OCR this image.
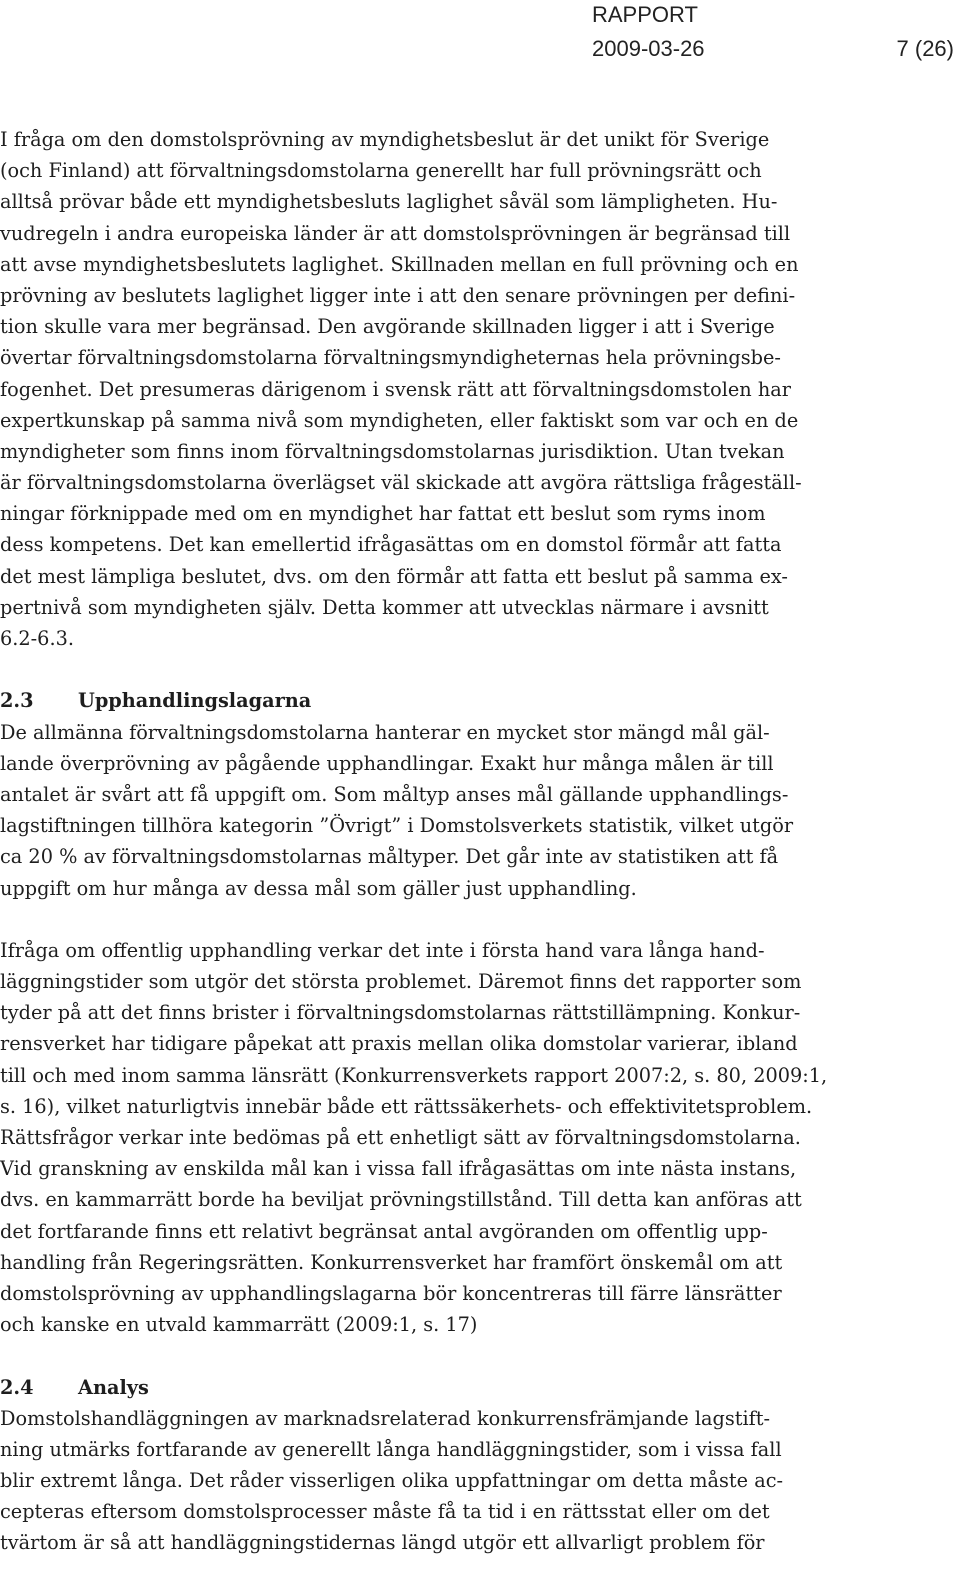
RAPPORT
2009-03-26	7 (26)
I fråga om den domstolsprövning av myndighetsbeslut är det unikt för Sverige
(och Finland) att förvaltningsdomstolarna generellt har full prövningsrätt och
alltså prövar både ett myndighetsbesluts laglighet såväl som lämpligheten. Hu-
vudregeln i andra europeiska länder är att domstolsprövningen är begränsad till
att avse myndighetsbeslutets laglighet. Skillnaden mellan en full prövning och en
prövning av beslutets laglighet ligger inte i att den senare prövningen per defini-
tion skulle vara mer begränsad. Den avgörande skillnaden ligger i att i Sverige
övertar förvaltningsdomstolarna förvaltningsmyndigheternas hela prövningsbe-
fogenhet. Det presumeras därigenom i svensk rätt att förvaltningsdomstolen har
expertkunskap på samma nivå som myndigheten, eller faktiskt som var och en de
myndigheter som finns inom förvaltningsdomstolarnas jurisdiktion. Utan tvekan
är förvaltningsdomstolarna överlägset väl skickade att avgöra rättsliga frågeställ-
ningar förknippade med om en myndighet har fattat ett beslut som ryms inom
dess kompetens. Det kan emellertid ifrågasättas om en domstol förmår att fatta
det mest lämpliga beslutet, dvs. om den förmår att fatta ett beslut på samma ex-
pertnivå som myndigheten själv. Detta kommer att utvecklas närmare i avsnitt
6.2-6.3.
2.3 Upphandlingslagarna
De allmänna förvaltningsdomstolarna hanterar en mycket stor mängd mål gäl-
lande överprövning av pågående upphandlingar. Exakt hur många målen är till
antalet är svårt att få uppgift om. Som måltyp anses mål gällande upphandlings-
lagstiftningen tillhöra kategorin ”Övrigt” i Domstolsverkets statistik, vilket utgör
ca 20 % av förvaltningsdomstolarnas måltyper. Det går inte av statistiken att få
uppgift om hur många av dessa mål som gäller just upphandling.
Ifråga om offentlig upphandling verkar det inte i första hand vara långa hand-
läggningstider som utgör det största problemet. Däremot finns det rapporter som
tyder på att det finns brister i förvaltningsdomstolarnas rättstillämpning. Konkur-
rensverket har tidigare påpekat att praxis mellan olika domstolar varierar, ibland
till och med inom samma länsrätt (Konkurrensverkets rapport 2007:2, s. 80, 2009:1,
s. 16), vilket naturligtvis innebär både ett rättssäkerhets- och effektivitetsproblem.
Rättsfrågor verkar inte bedömas på ett enhetligt sätt av förvaltningsdomstolarna.
Vid granskning av enskilda mål kan i vissa fall ifrågasättas om inte nästa instans,
dvs. en kammarrätt borde ha beviljat prövningstillstånd. Till detta kan anföras att
det fortfarande finns ett relativt begränsat antal avgöranden om offentlig upp-
handling från Regeringsrätten. Konkurrensverket har framfört önskemål om att
domstolsprövning av upphandlingslagarna bör koncentreras till färre länsrätter
och kanske en utvald kammarrätt (2009:1, s. 17)
2.4 Analys
Domstolshandläggningen av marknadsrelaterad konkurrensfrämjande lagstift-
ning utmärks fortfarande av generellt långa handläggningstider, som i vissa fall
blir extremt långa. Det råder visserligen olika uppfattningar om detta måste ac-
cepteras eftersom domstolsprocesser måste få ta tid i en rättsstat eller om det
tvärtom är så att handläggningstidernas längd utgör ett allvarligt problem för
